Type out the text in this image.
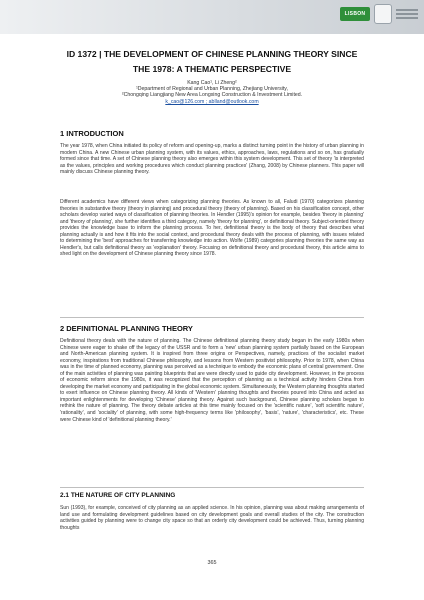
LISBON
ID 1372 | THE DEVELOPMENT OF CHINESE PLANNING THEORY SINCE
THE 1978: A THEMATIC PERSPECTIVE
Kang Cao¹, Li Zheng²
¹Department of Regional and Urban Planning, Zhejiang University,
²Chongqing Liangjiang New Area Longxing Construction & Investment Limited.
k_cao@126.com ; ablland@outlook.com
1 INTRODUCTION
The year 1978, when China initiated its policy of reform and opening-up, marks a distinct turning point in the history of urban planning in modern China. A new Chinese urban planning system, with its values, ethics, approaches, laws, regulations and so on, has gradually formed since that time. A set of Chinese planning theory also emerges within this system development. This set of theory 'is interpreted as the values, principles and working procedures which conduct planning practices' (Zhang, 2008) by Chinese planners. This paper will mainly discuss Chinese planning theory.
Different academics have different views when categorizing planning theories. As known to all, Faludi (1970) categorizes planning theories in substantive theory (theory in planning) and procedural theory (theory of planning). Based on his classification concept, other scholars develop varied ways of classification of planning theories. In Hendler (1995)'s opinion for example, besides 'theory in planning' and 'theory of planning', she further identifies a third category, namely 'theory for planning', or definitional theory. Subject-oriented theory provides the knowledge base to inform the planning process. To her, definitional theory is the body of theory that describes what planning actually is and how it fits into the social context, and procedural theory deals with the process of planning, with issues related to determining the 'best' approaches for transferring knowledge into action. Wolfe (1989) categories planning theories the same way as Hendler's, but calls definitional theory as 'explanation' theory. Focusing on definitional theory and procedural theory, this article aims to shed light on the development of Chinese planning theory since 1978.
2 DEFINITIONAL PLANNING THEORY
Definitional theory deals with the nature of planning. The Chinese definitional planning theory study began in the early 1980s when Chinese were eager to shake off the legacy of the USSR and to form a 'new' urban planning system partially based on the European and North-American planning system. It is inspired from three origins or Perspectives, namely, practices of the socialist market economy, inspirations from traditional Chinese philosophy, and lessons from Western positivist philosophy. Prior to 1978, when China was in the time of planned economy, planning was perceived as a technique to embody the economic plans of central government. One of the main activities of planning was painting blueprints that are were directly used to guide city development. However, in the process of economic reform since the 1980s, it was recognized that the perception of planning as a technical activity hinders China from developing the market economy and participating in the global economic system. Simultaneously, the Western planning thoughts started to exert influence on Chinese planning theory. All kinds of 'Western' planning thoughts and theories poured into China and acted as important enlightenments for developing 'Chinese' planning theory. Against such background, Chinese planning scholars began to rethink the nature of planning. The theory debate articles at this time mainly focused on the 'scientific nature', 'soft scientific nature', 'rationality', and 'sociality' of planning, with some high-frequency terms like 'philosophy', 'basis', 'nature', 'characteristics', etc. These were Chinese kind of 'definitional planning theory.'
2.1 THE NATURE OF CITY PLANNING
Sun (1993), for example, conceived of city planning as an applied science. In his opinion, planning was about making arrangements of land use and formulating development guidelines based on city development goals and overall studies of the city. The construction activities guided by planning were to change city space so that an orderly city development could be achieved. Thus, turning planning thoughts
365
